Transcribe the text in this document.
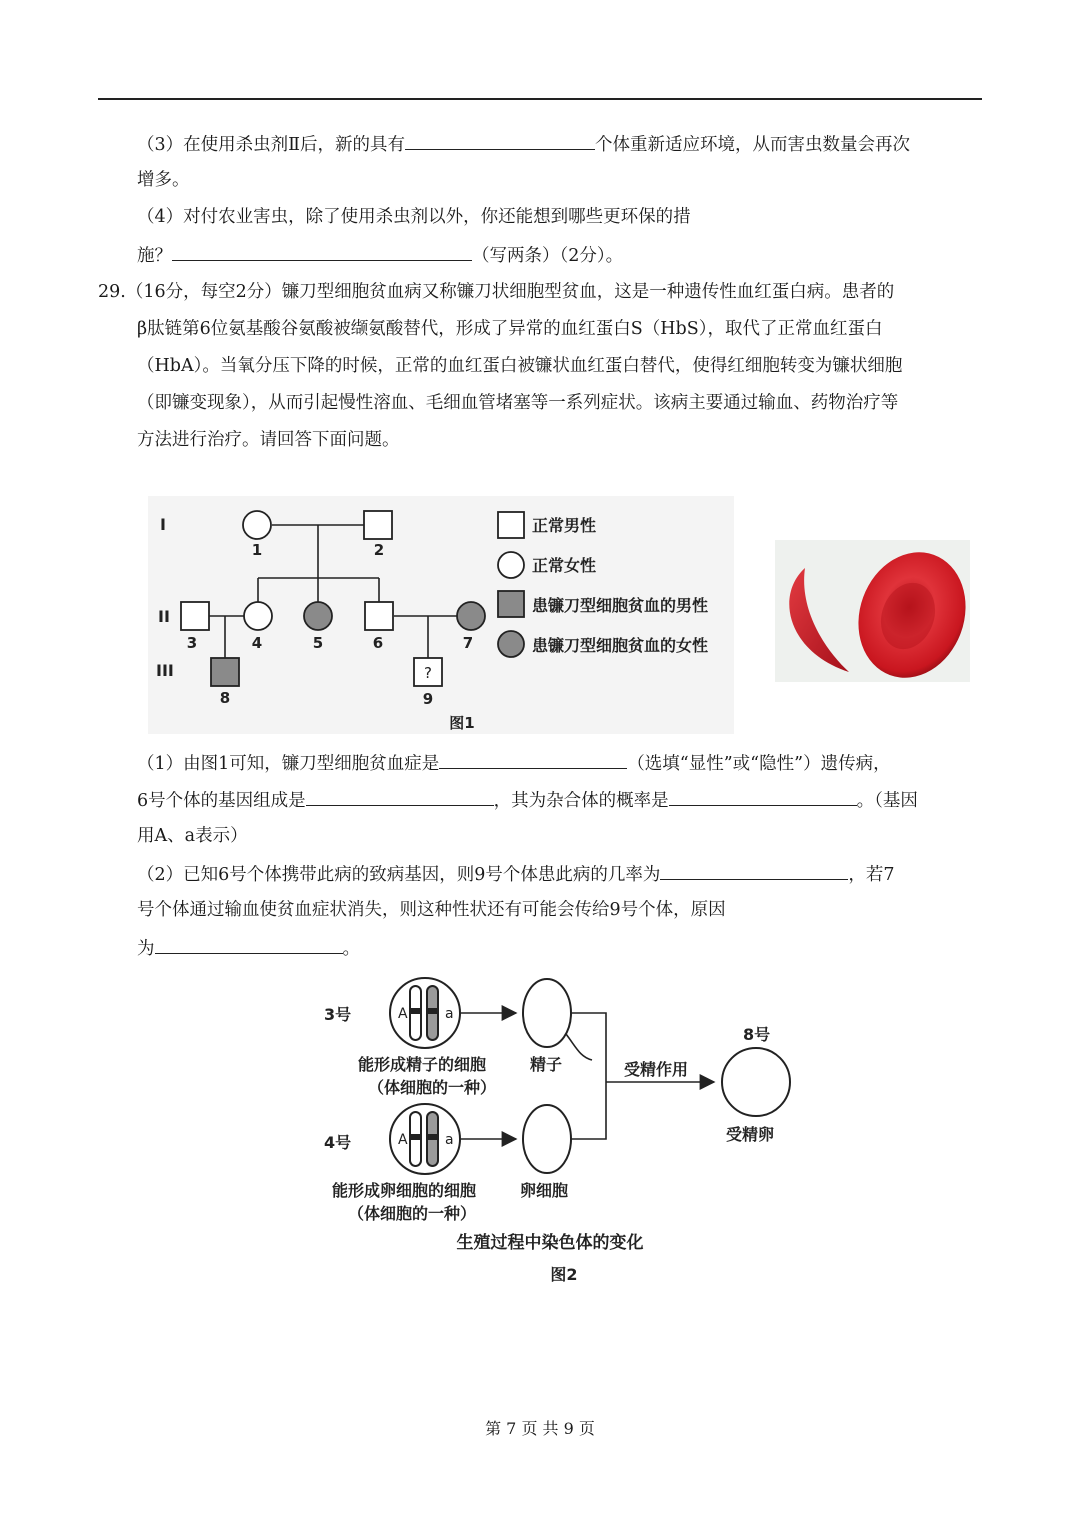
（3）在使用杀虫剂Ⅱ后，新的具有	个体重新适应环境，从而害虫数量会再次
增多。
（4）对付农业害虫，除了使用杀虫剂以外，你还能想到哪些更环保的措
施？	（写两条）（2分）。
29.（16分，每空2分）镰刀型细胞贫血病又称镰刀状细胞型贫血，这是一种遗传性血红蛋白病。患者的
β肽链第6位氨基酸谷氨酸被缬氨酸替代，形成了异常的血红蛋白S（HbS），取代了正常血红蛋白
（HbA）。当氧分压下降的时候，正常的血红蛋白被镰状血红蛋白替代，使得红细胞转变为镰状细胞
（即镰变现象），从而引起慢性溶血、毛细血管堵塞等一系列症状。该病主要通过输血、药物治疗等
方法进行治疗。请回答下面问题。
I
II
III	?
1	2
3	4	5	6	7
8	9
正常男性
正常女性
患镰刀型细胞贫血的男性
患镰刀型细胞贫血的女性
图1
（1）由图1可知，镰刀型细胞贫血症是	（选填“显性”或“隐性”）遗传病，
6号个体的基因组成是	，其为杂合体的概率是	。（基因
用A、a表示）
（2）已知6号个体携带此病的致病基因，则9号个体患此病的几率为	，若7
号个体通过输血使贫血症状消失，则这种性状还有可能会传给9号个体，原因
为	。
3号
4号
A	a
能形成精子的细胞
（体细胞的一种）
精子
A	a
能形成卵细胞的细胞
（体细胞的一种）
卵细胞
受精作用
8号
受精卵
生殖过程中染色体的变化
图2
第 7 页 共 9 页
